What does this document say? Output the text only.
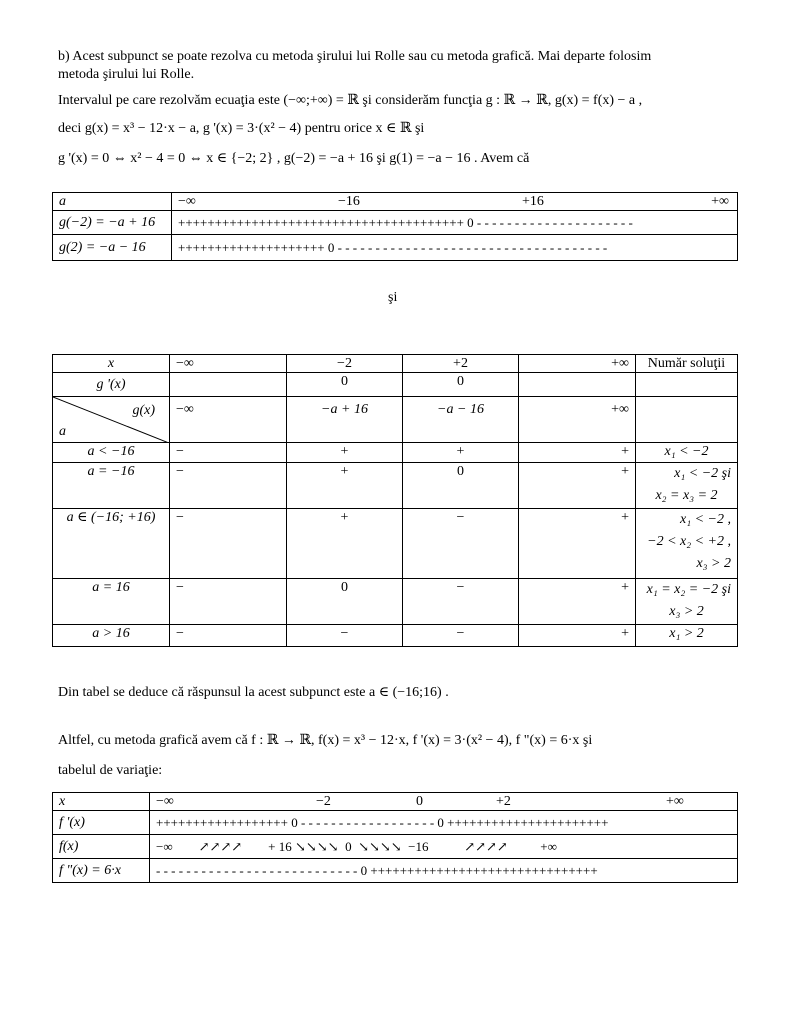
b) Acest subpunct se poate rezolva cu metoda şirului lui Rolle sau cu metoda grafică. Mai departe folosim
metoda şirului lui Rolle.
Intervalul pe care rezolvăm ecuaţia este (−∞;+∞) = ℝ şi considerăm funcţia g : ℝ → ℝ, g(x) = f(x) − a ,
deci g(x) = x³ − 12·x − a, g '(x) = 3·(x² − 4) pentru orice x ∈ ℝ şi
g '(x) = 0 ⇔ x² − 4 = 0 ⇔ x ∈ {−2; 2} , g(−2) = −a + 16 şi g(1) = −a − 16 . Avem că
a	−∞ −16 +16 +∞

g(−2) = −a + 16	+++++++++++++++++++++++++++++++++++++++ 0 - - - - - - - - - - - - - - - - - - - - -
g(2) = −a − 16	++++++++++++++++++++ 0 - - - - - - - - - - - - - - - - - - - - - - - - - - - - - - - - - - - -
şi
x	−∞	−2	+2	+∞	Număr soluţii
g '(x)		0	0		

g(x)
a	−∞	−a + 16	−a − 16	+∞	
a < −16	−	+	+	+	x₁ < −2
a = −16	−	+	0	+	x₁ < −2 şi
x₂ = x₃ = 2

a ∈ (−16; +16)	−	+	−	+	x₁ < −2 ,
−2 < x₂ < +2 ,
x₃ > 2

a = 16	−	0	−	+	x₁ = x₂ = −2 şi
x₃ > 2

a > 16	−	−	−	+	x₁ > 2
Din tabel se deduce că răspunsul la acest subpunct este a ∈ (−16;16) .
Altfel, cu metoda grafică avem că f : ℝ → ℝ, f(x) = x³ − 12·x, f '(x) = 3·(x² − 4), f "(x) = 6·x şi
tabelul de variaţie:
x	−∞ −2 0 +2 +∞

f '(x)	++++++++++++++++++ 0 - - - - - - - - - - - - - - - - - - 0 ++++++++++++++++++++++
f(x)	−∞        ↗↗↗↗        + 16 ↘↘↘↘  0  ↘↘↘↘  −16           ↗↗↗↗          +∞
f "(x) = 6·x	- - - - - - - - - - - - - - - - - - - - - - - - - - - 0 +++++++++++++++++++++++++++++++
